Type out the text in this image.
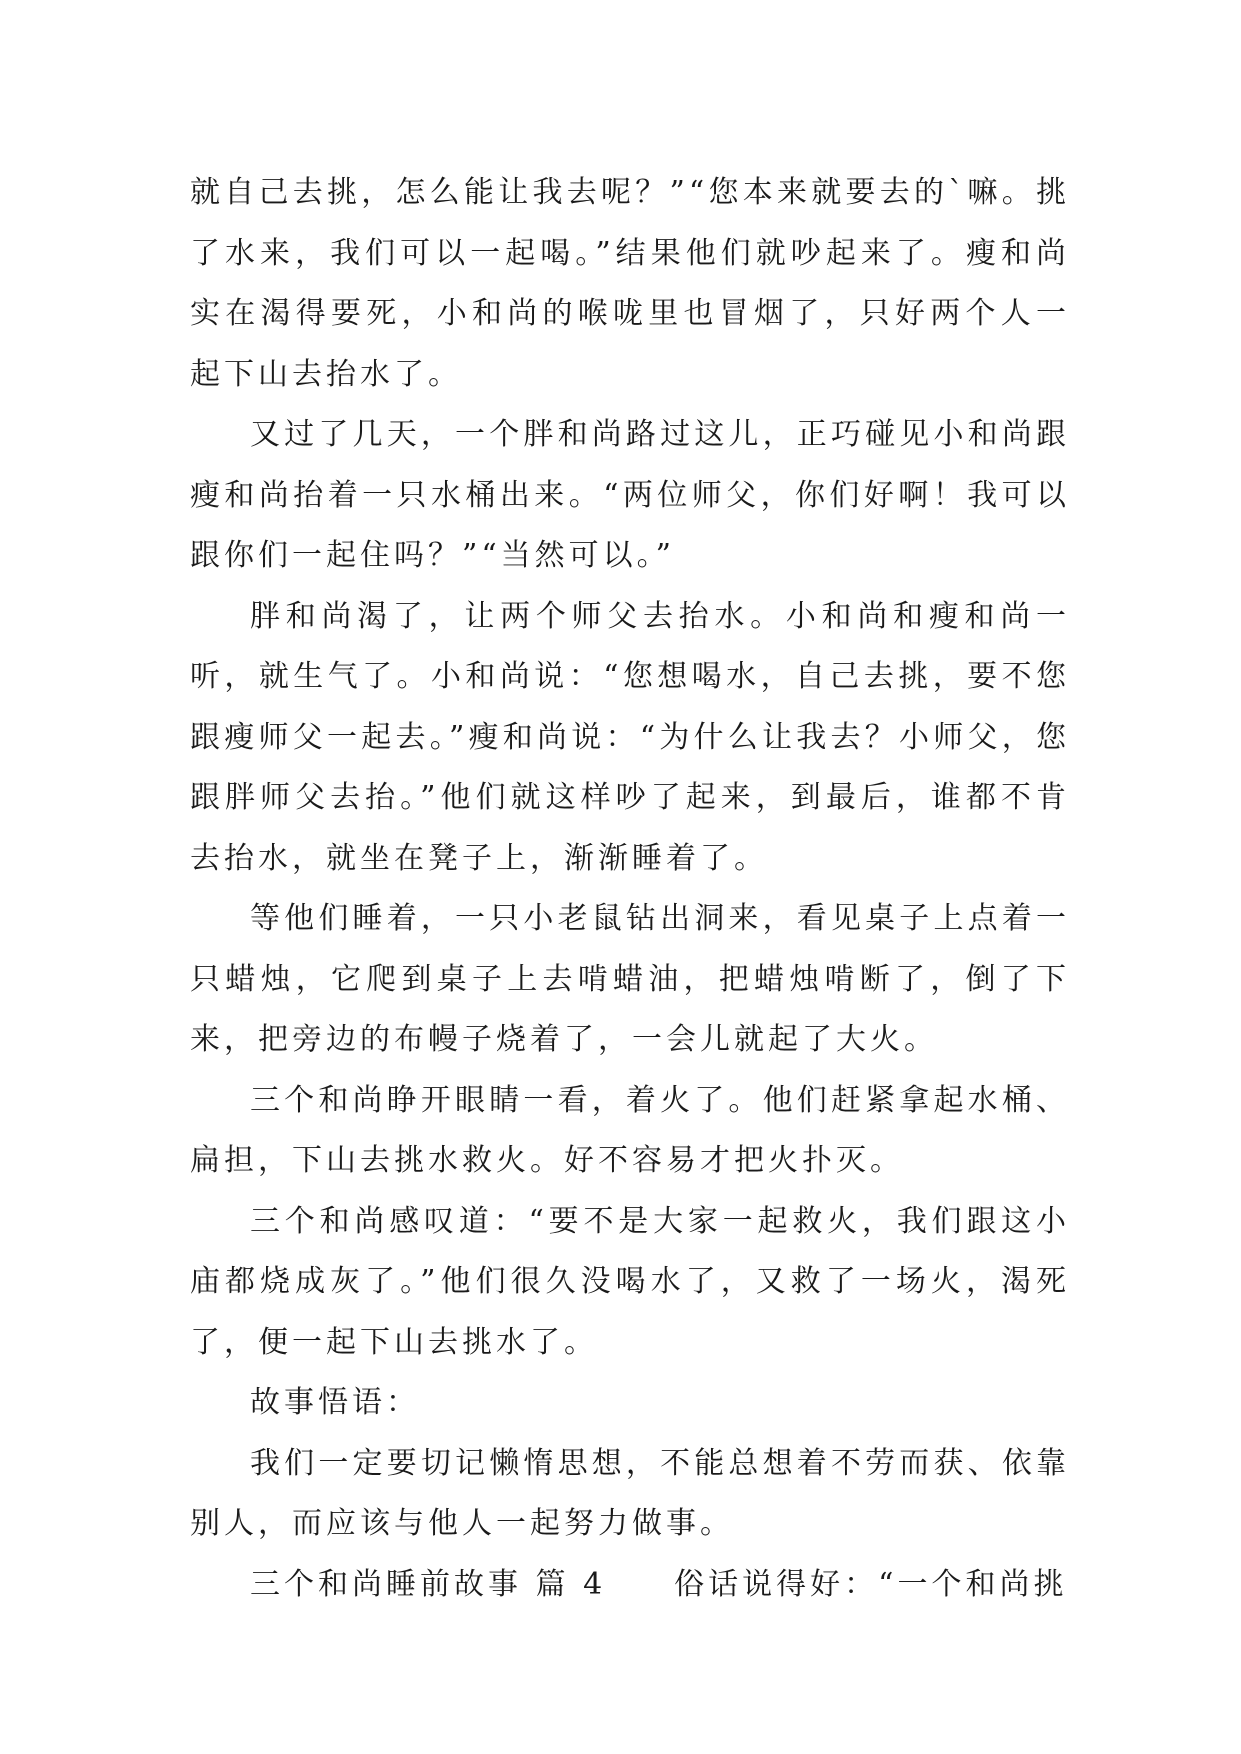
就自己去挑，怎么能让我去呢？”“您本来就要去的`嘛。挑了水来，我们可以一起喝。”结果他们就吵起来了。瘦和尚实在渴得要死，小和尚的喉咙里也冒烟了，只好两个人一起下山去抬水了。

又过了几天，一个胖和尚路过这儿，正巧碰见小和尚跟瘦和尚抬着一只水桶出来。“两位师父，你们好啊！我可以跟你们一起住吗？”“当然可以。”

胖和尚渴了，让两个师父去抬水。小和尚和瘦和尚一听，就生气了。小和尚说：“您想喝水，自己去挑，要不您跟瘦师父一起去。”瘦和尚说：“为什么让我去？小师父，您跟胖师父去抬。”他们就这样吵了起来，到最后，谁都不肯去抬水，就坐在凳子上，渐渐睡着了。

等他们睡着，一只小老鼠钻出洞来，看见桌子上点着一只蜡烛，它爬到桌子上去啃蜡油，把蜡烛啃断了，倒了下来，把旁边的布幔子烧着了，一会儿就起了大火。

三个和尚睁开眼睛一看，着火了。他们赶紧拿起水桶、扁担，下山去挑水救火。好不容易才把火扑灭。

三个和尚感叹道：“要不是大家一起救火，我们跟这小庙都烧成灰了。”他们很久没喝水了，又救了一场火，渴死了，便一起下山去挑水了。

故事悟语：

我们一定要切记懒惰思想，不能总想着不劳而获、依靠别人，而应该与他人一起努力做事。

三个和尚睡前故事 篇 4　　俗话说得好：“一个和尚挑
